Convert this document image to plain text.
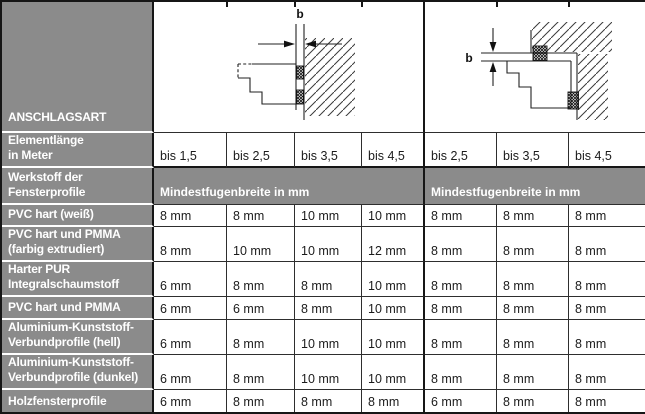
ANSCHLAGSART	b				b		

Elementlänge
in Meter	bis 1,5	bis 2,5	bis 3,5	bis 4,5	bis 2,5	bis 3,5	bis 4,5

Werkstoff der
Fensterprofile	Mindestfugenbreite in mm				Mindestfugenbreite in mm		

PVC hart (weiß)	8 mm	8 mm	10 mm	10 mm	8 mm	8 mm	8 mm

PVC hart und PMMA
(farbig extrudiert)	8 mm	10 mm	10 mm	12 mm	8 mm	8 mm	8 mm

Harter PUR
Integralschaumstoff	6 mm	8 mm	8 mm	10 mm	8 mm	8 mm	8 mm

PVC hart und PMMA	6 mm	6 mm	8 mm	10 mm	8 mm	8 mm	8 mm

Aluminium-Kunststoff-
Verbundprofile (hell)	6 mm	8 mm	10 mm	10 mm	8 mm	8 mm	8 mm

Aluminium-Kunststoff-
Verbundprofile (dunkel)	6 mm	8 mm	10 mm	10 mm	8 mm	8 mm	8 mm

Holzfensterprofile	6 mm	8 mm	8 mm	8 mm	6 mm	8 mm	8 mm
